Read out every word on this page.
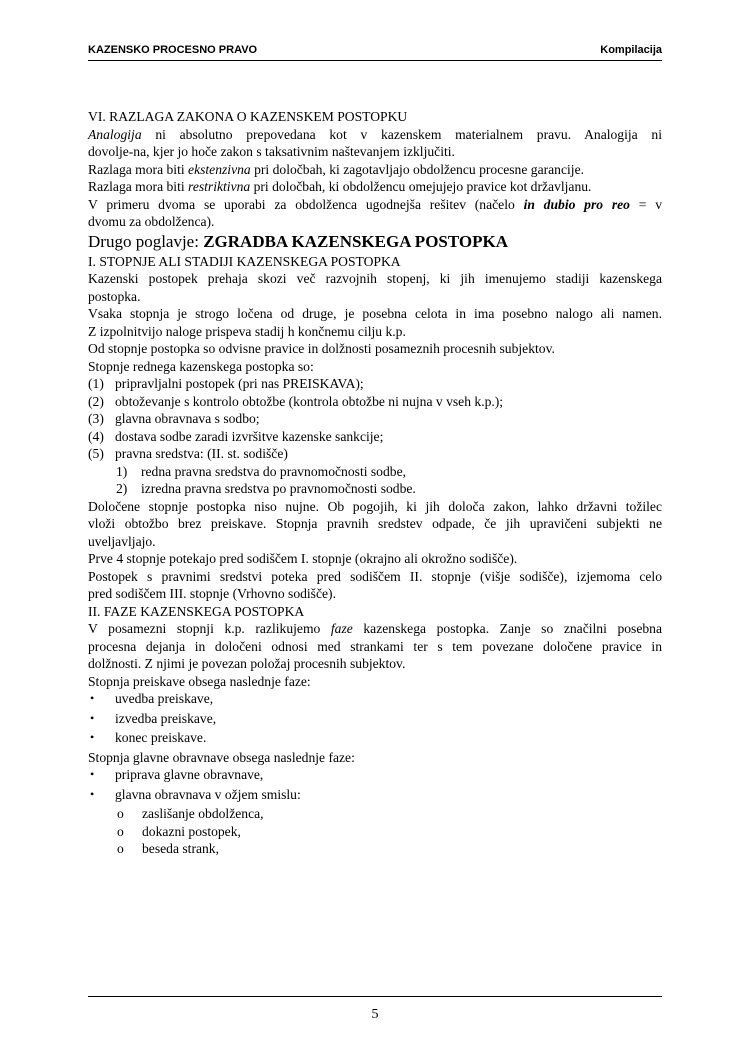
KAZENSKO PROCESNO PRAVO	Kompilacija

VI. RAZLAGA ZAKONA O KAZENSKEM POSTOPKU

Analogija ni absolutno prepovedana kot v kazenskem materialnem pravu. Analogija ni
dovolje-na, kjer jo hoče zakon s taksativnim naštevanjem izključiti.

Razlaga mora biti ekstenzivna pri določbah, ki zagotavljajo obdolžencu procesne garancije.

Razlaga mora biti restriktivna pri določbah, ki obdolžencu omejujejo pravice kot državljanu.

V primeru dvoma se uporabi za obdolženca ugodnejša rešitev (načelo in dubio pro reo = v
dvomu za obdolženca).

Drugo poglavje: ZGRADBA KAZENSKEGA POSTOPKA

I. STOPNJE ALI STADIJI KAZENSKEGA POSTOPKA

Kazenski postopek prehaja skozi več razvojnih stopenj, ki jih imenujemo stadiji kazenskega
postopka.

Vsaka stopnja je strogo ločena od druge, je posebna celota in ima posebno nalogo ali namen.
Z izpolnitvijo naloge prispeva stadij h končnemu cilju k.p.

Od stopnje postopka so odvisne pravice in dolžnosti posameznih procesnih subjektov.

Stopnje rednega kazenskega postopka so:

(1) pripravljalni postopek (pri nas PREISKAVA);
(2) obtoževanje s kontrolo obtožbe (kontrola obtožbe ni nujna v vseh k.p.);
(3) glavna obravnava s sodbo;
(4) dostava sodbe zaradi izvršitve kazenske sankcije;
(5) pravna sredstva: (II. st. sodišče)
1) redna pravna sredstva do pravnomočnosti sodbe,
2) izredna pravna sredstva po pravnomočnosti sodbe.

Določene stopnje postopka niso nujne. Ob pogojih, ki jih določa zakon, lahko državni tožilec
vloži obtožbo brez preiskave. Stopnja pravnih sredstev odpade, če jih upravičeni subjekti ne
uveljavljajo.

Prve 4 stopnje potekajo pred sodiščem I. stopnje (okrajno ali okrožno sodišče).

Postopek s pravnimi sredstvi poteka pred sodiščem II. stopnje (višje sodišče), izjemoma celo
pred sodiščem III. stopnje (Vrhovno sodišče).

II. FAZE KAZENSKEGA POSTOPKA

V posamezni stopnji k.p. razlikujemo faze kazenskega postopka. Zanje so značilni posebna
procesna dejanja in določeni odnosi med strankami ter s tem povezane določene pravice in
dolžnosti. Z njimi je povezan položaj procesnih subjektov.

Stopnja preiskave obsega naslednje faze:

• uvedba preiskave,
• izvedba preiskave,
• konec preiskave.

Stopnja glavne obravnave obsega naslednje faze:

• priprava glavne obravnave,
• glavna obravnava v ožjem smislu:
o zaslišanje obdolženca,
o dokazni postopek,
o beseda strank,
5
